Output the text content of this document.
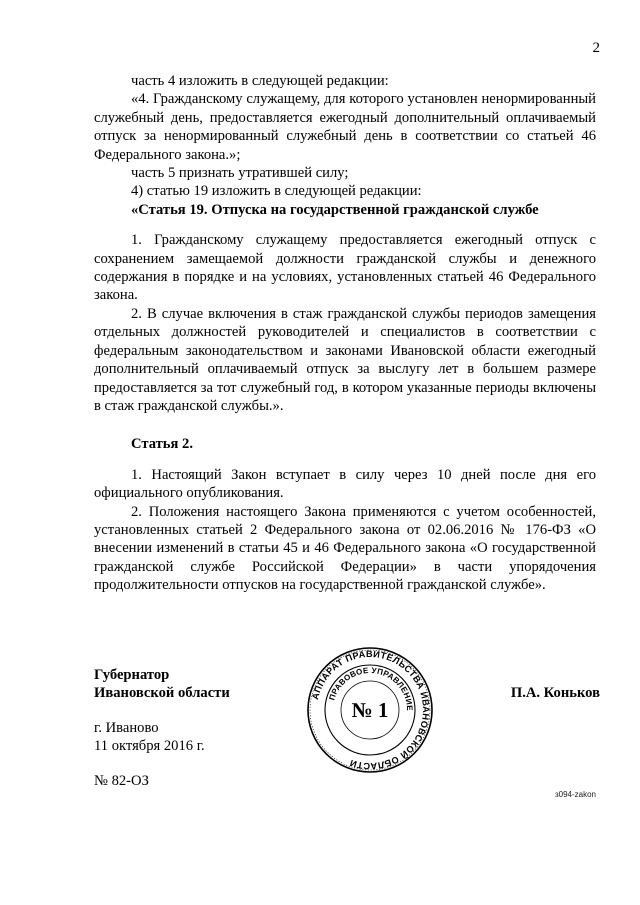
2

часть 4 изложить в следующей редакции:

«4. Гражданскому служащему, для которого установлен ненормированный служебный день, предоставляется ежегодный дополнительный оплачиваемый отпуск за ненормированный служебный день в соответствии со статьей 46 Федерального закона.»;

часть 5 признать утратившей силу;

4) статью 19 изложить в следующей редакции:

«Статья 19. Отпуска на государственной гражданской службе

1. Гражданскому служащему предоставляется ежегодный отпуск с сохранением замещаемой должности гражданской службы и денежного содержания в порядке и на условиях, установленных статьей 46 Федерального закона.

2. В случае включения в стаж гражданской службы периодов замещения отдельных должностей руководителей и специалистов в соответствии с федеральным законодательством и законами Ивановской области ежегодный дополнительный оплачиваемый отпуск за выслугу лет в большем размере предоставляется за тот служебный год, в котором указанные периоды включены в стаж гражданской службы.».

Статья 2.

1. Настоящий Закон вступает в силу через 10 дней после дня его официального опубликования.

2. Положения настоящего Закона применяются с учетом особенностей, установленных статьей 2 Федерального закона от 02.06.2016 № 176-ФЗ «О внесении изменений в статьи 45 и 46 Федерального закона «О государственной гражданской службе Российской Федерации» в части упорядочения продолжительности отпусков на государственной гражданской службе».

Губернатор
Ивановской области	П.А. Коньков
г. Иваново
11 октября 2016 г.
№ 82-ОЗ
АППАРАТ ПРАВИТЕЛЬСТВА ИВАНОВСКОЙ ОБЛАСТИ
ПРАВОВОЕ УПРАВЛЕНИЕ
№ 1
з094-zakon
